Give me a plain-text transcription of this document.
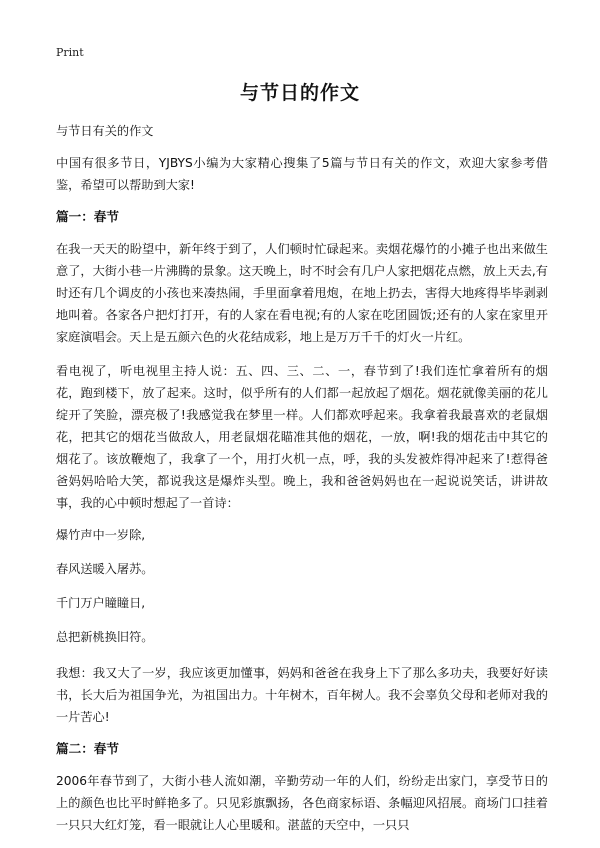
Print
与节日的作文

与节日有关的作文

中国有很多节日，YJBYS小编为大家精心搜集了5篇与节日有关的作文，欢迎大家参考借鉴，希望可以帮助到大家!

篇一：春节

在我一天天的盼望中，新年终于到了，人们顿时忙碌起来。卖烟花爆竹的小摊子也出来做生意了，大街小巷一片沸腾的景象。这天晚上，时不时会有几户人家把烟花点燃，放上天去,有时还有几个调皮的小孩也来凑热闹，手里面拿着甩炮，在地上扔去，害得大地疼得毕毕剥剥地叫着。各家各户把灯打开，有的人家在看电视;有的人家在吃团圆饭;还有的人家在家里开家庭演唱会。天上是五颜六色的火花结成彩，地上是万万千千的灯火一片红。

看电视了，听电视里主持人说：五、四、三、二、一，春节到了!我们连忙拿着所有的烟花，跑到楼下，放了起来。这时，似乎所有的人们都一起放起了烟花。烟花就像美丽的花儿绽开了笑脸，漂亮极了!我感觉我在梦里一样。人们都欢呼起来。我拿着我最喜欢的老鼠烟花，把其它的烟花当做敌人，用老鼠烟花瞄准其他的烟花，一放，啊!我的烟花击中其它的烟花了。该放鞭炮了，我拿了一个，用打火机一点，呼，我的头发被炸得冲起来了!惹得爸爸妈妈哈哈大笑，都说我这是爆炸头型。晚上，我和爸爸妈妈也在一起说说笑话，讲讲故事，我的心中顿时想起了一首诗：

爆竹声中一岁除,

春风送暖入屠苏。

千门万户瞳瞳日,

总把新桃换旧符。

我想：我又大了一岁，我应该更加懂事，妈妈和爸爸在我身上下了那么多功夫，我要好好读书，长大后为祖国争光，为祖国出力。十年树木，百年树人。我不会辜负父母和老师对我的一片苦心!

篇二：春节

2006年春节到了，大街小巷人流如潮，辛勤劳动一年的人们，纷纷走出家门，享受节日的上的颜色也比平时鲜艳多了。只见彩旗飘扬，各色商家标语、条幅迎风招展。商场门口挂着一只只大红灯笼，看一眼就让人心里暖和。湛蓝的天空中，一只只
